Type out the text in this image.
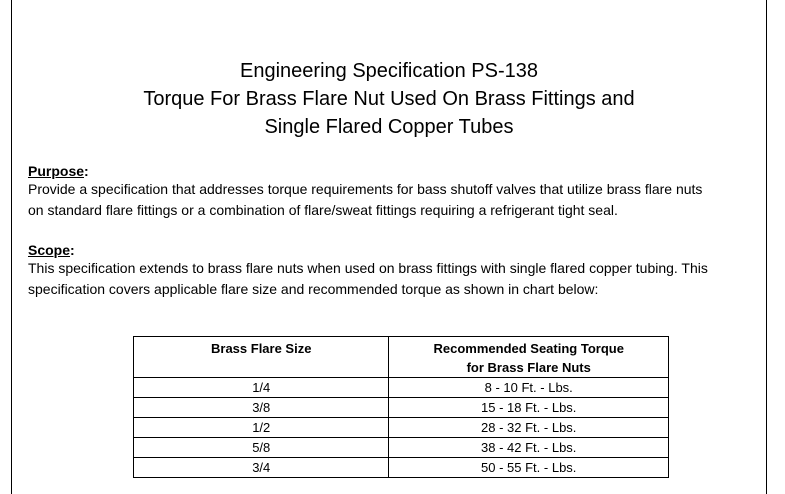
Engineering Specification PS-138
Torque For Brass Flare Nut Used On Brass Fittings and
Single Flared Copper Tubes
Purpose:
Provide a specification that addresses torque requirements for bass shutoff valves that utilize brass flare nuts
on standard flare fittings or a combination of flare/sweat fittings requiring a refrigerant tight seal.
Scope:
This specification extends to brass flare nuts when used on brass fittings with single flared copper tubing. This
specification covers applicable flare size and recommended torque as shown in chart below:
Brass Flare Size	Recommended Seating Torque
for Brass Flare Nuts

1/4	8 - 10 Ft. - Lbs.
3/8	15 - 18 Ft. - Lbs.
1/2	28 - 32 Ft. - Lbs.
5/8	38 - 42 Ft. - Lbs.
3/4	50 - 55 Ft. - Lbs.
